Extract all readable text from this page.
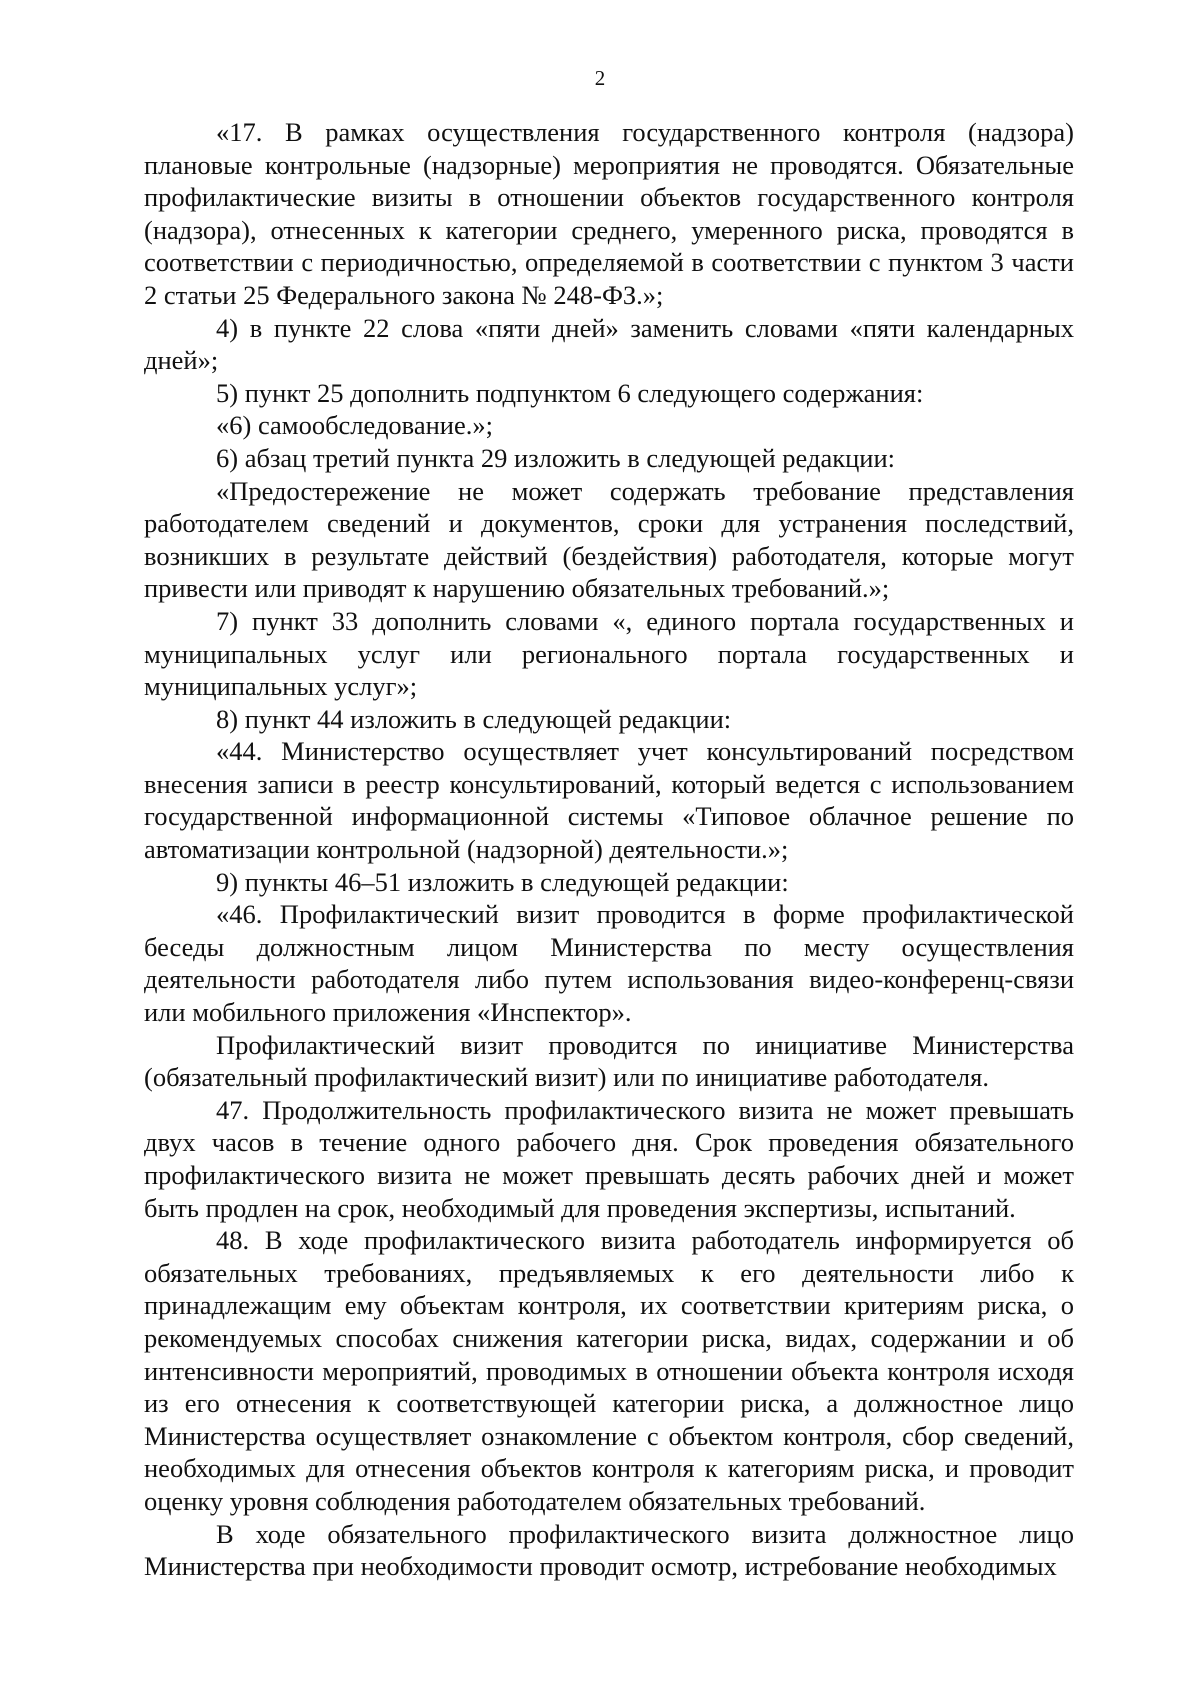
2

«17. В рамках осуществления государственного контроля (надзора) плановые контрольные (надзорные) мероприятия не проводятся. Обязательные профилактические визиты в отношении объектов государственного контроля (надзора), отнесенных к категории среднего, умеренного риска, проводятся в соответствии с периодичностью, определяемой в соответствии с пунктом 3 части 2 статьи 25 Федерального закона № 248-ФЗ.»;

4) в пункте 22 слова «пяти дней» заменить словами «пяти календарных дней»;

5) пункт 25 дополнить подпунктом 6 следующего содержания:

«6) самообследование.»;

6) абзац третий пункта 29 изложить в следующей редакции:

«Предостережение не может содержать требование представления работодателем сведений и документов, сроки для устранения последствий, возникших в результате действий (бездействия) работодателя, которые могут привести или приводят к нарушению обязательных требований.»;

7) пункт 33 дополнить словами «, единого портала государственных и муниципальных услуг или регионального портала государственных и муниципальных услуг»;

8) пункт 44 изложить в следующей редакции:

«44. Министерство осуществляет учет консультирований посредством внесения записи в реестр консультирований, который ведется с использованием государственной информационной системы «Типовое облачное решение по автоматизации контрольной (надзорной) деятельности.»;

9) пункты 46–51 изложить в следующей редакции:

«46. Профилактический визит проводится в форме профилактической беседы должностным лицом Министерства по месту осуществления деятельности работодателя либо путем использования видео-конференц-связи или мобильного приложения «Инспектор».

Профилактический визит проводится по инициативе Министерства (обязательный профилактический визит) или по инициативе работодателя.

47. Продолжительность профилактического визита не может превышать двух часов в течение одного рабочего дня. Срок проведения обязательного профилактического визита не может превышать десять рабочих дней и может быть продлен на срок, необходимый для проведения экспертизы, испытаний.

48. В ходе профилактического визита работодатель информируется об обязательных требованиях, предъявляемых к его деятельности либо к принадлежащим ему объектам контроля, их соответствии критериям риска, о рекомендуемых способах снижения категории риска, видах, содержании и об интенсивности мероприятий, проводимых в отношении объекта контроля исходя из его отнесения к соответствующей категории риска, а должностное лицо Министерства осуществляет ознакомление с объектом контроля, сбор сведений, необходимых для отнесения объектов контроля к категориям риска, и проводит оценку уровня соблюдения работодателем обязательных требований.

В ходе обязательного профилактического визита должностное лицо Министерства при необходимости проводит осмотр, истребование необходимых
